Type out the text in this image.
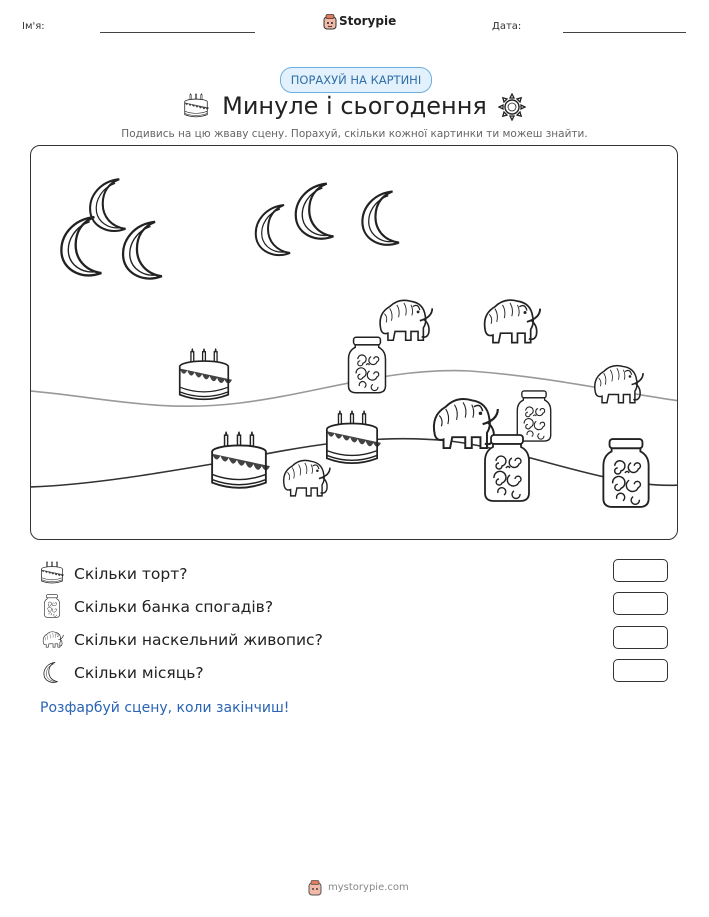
Ім'я:	Storypie	Дата:
ПОРАХУЙ НА КАРТИНІ
Минуле і сьогодення
Подивись на цю жваву сцену. Порахуй, скільки кожної картинки ти можеш знайти.
Скільки торт?
Скільки банка спогадів?
Скільки наскельний живопис?
Скільки місяць?
Розфарбуй сцену, коли закінчиш!
mystorypie.com
